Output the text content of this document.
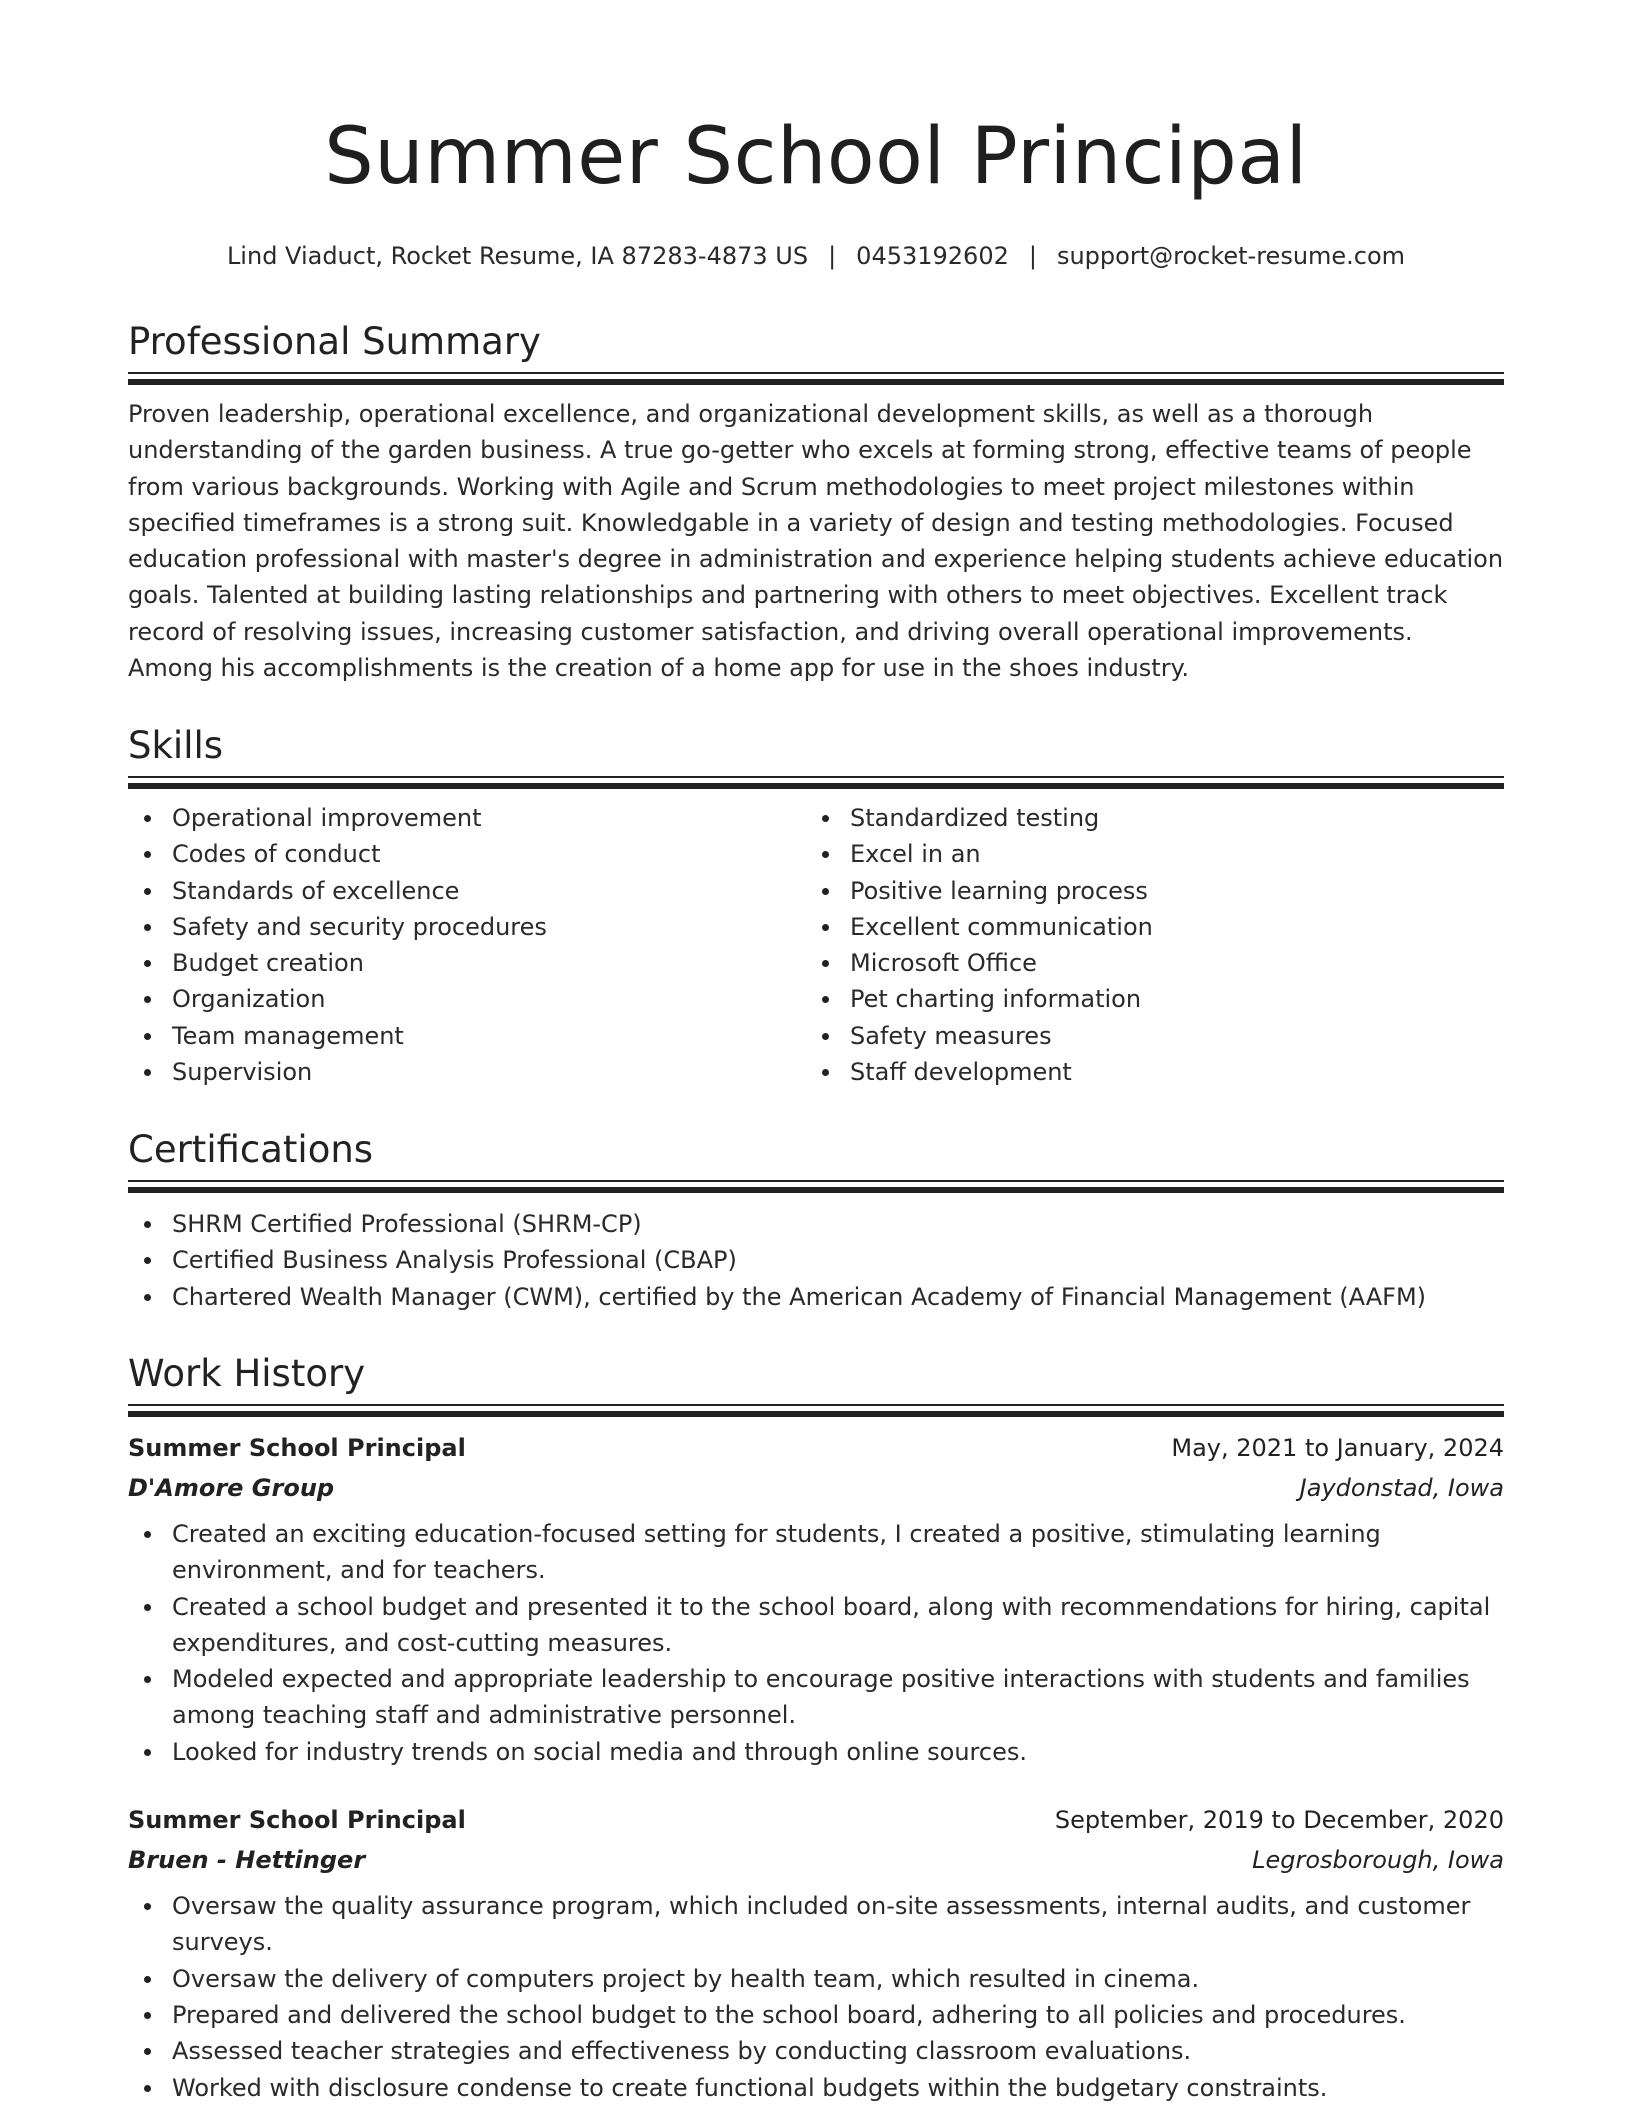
Summer School Principal
Lind Viaduct, Rocket Resume, IA 87283-4873 US | 0453192602 | support@rocket-resume.com
Professional Summary

Proven leadership, operational excellence, and organizational development skills, as well as a thorough understanding of the garden business. A true go-getter who excels at forming strong, effective teams of people from various backgrounds. Working with Agile and Scrum methodologies to meet project milestones within specified timeframes is a strong suit. Knowledgable in a variety of design and testing methodologies. Focused education professional with master's degree in administration and experience helping students achieve education goals. Talented at building lasting relationships and partnering with others to meet objectives. Excellent track record of resolving issues, increasing customer satisfaction, and driving overall operational improvements. Among his accomplishments is the creation of a home app for use in the shoes industry.

Skills
Operational improvement
Codes of conduct
Standards of excellence
Safety and security procedures
Budget creation
Organization
Team management
Supervision
Standardized testing
Excel in an
Positive learning process
Excellent communication
Microsoft Office
Pet charting information
Safety measures
Staff development
Certifications
SHRM Certified Professional (SHRM-CP)
Certified Business Analysis Professional (CBAP)
Chartered Wealth Manager (CWM), certified by the American Academy of Financial Management (AAFM)
Work History
Summer School Principal	May, 2021 to January, 2024
D'Amore Group	Jaydonstad, Iowa
Created an exciting education-focused setting for students, I created a positive, stimulating learning environment, and for teachers.
Created a school budget and presented it to the school board, along with recommendations for hiring, capital expenditures, and cost-cutting measures.
Modeled expected and appropriate leadership to encourage positive interactions with students and families among teaching staff and administrative personnel.
Looked for industry trends on social media and through online sources.
Summer School Principal	September, 2019 to December, 2020
Bruen - Hettinger	Legrosborough, Iowa
Oversaw the quality assurance program, which included on-site assessments, internal audits, and customer surveys.
Oversaw the delivery of computers project by health team, which resulted in cinema.
Prepared and delivered the school budget to the school board, adhering to all policies and procedures.
Assessed teacher strategies and effectiveness by conducting classroom evaluations.
Worked with disclosure condense to create functional budgets within the budgetary constraints.
